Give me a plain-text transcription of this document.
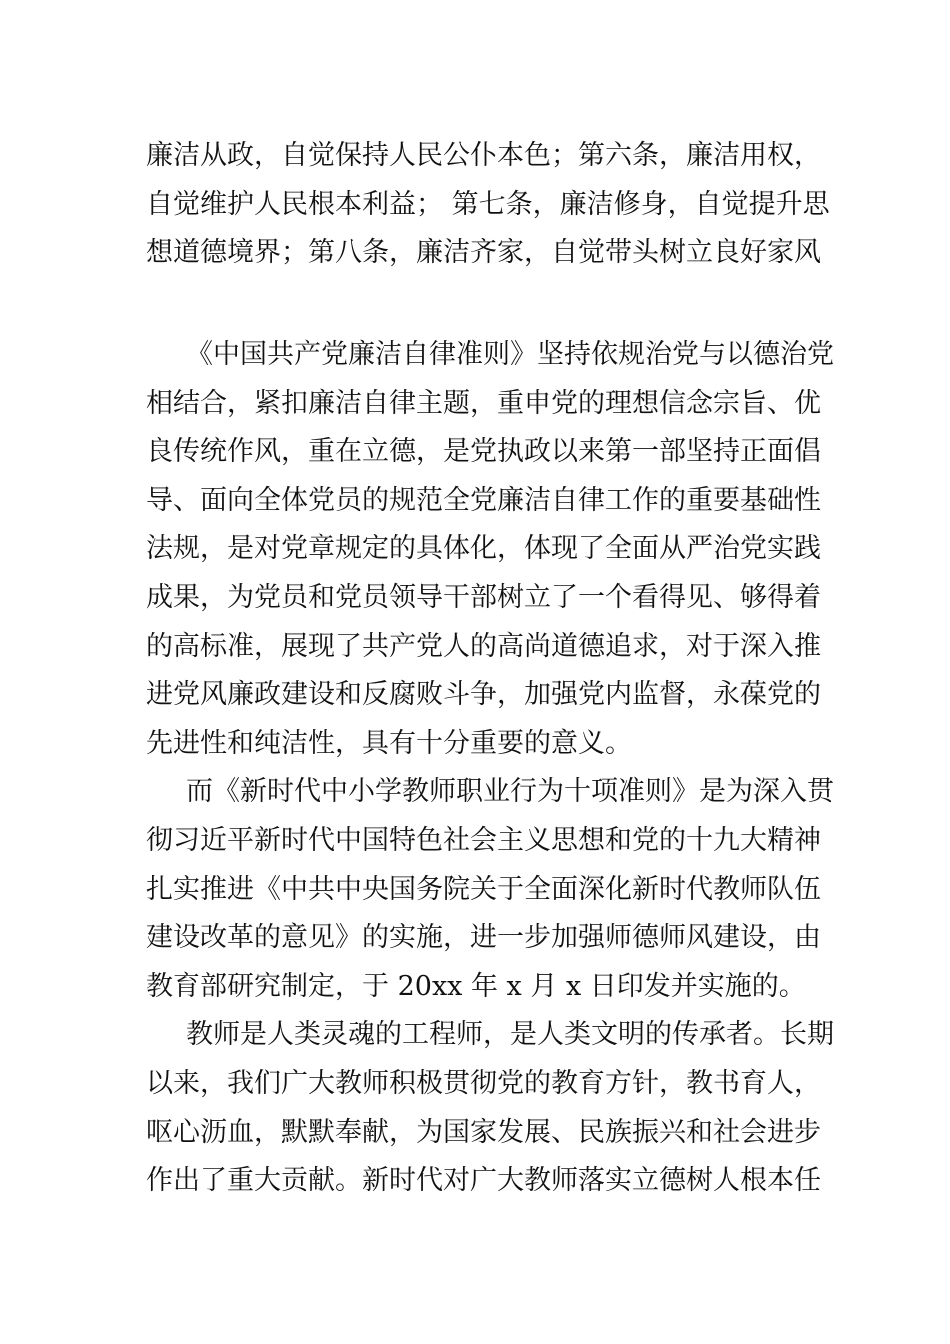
廉洁从政，自觉保持人民公仆本色；第六条，廉洁用权，
自觉维护人民根本利益； 第七条，廉洁修身，自觉提升思
想道德境界；第八条，廉洁齐家，自觉带头树立良好家风
《中国共产党廉洁自律准则》坚持依规治党与以德治党
相结合，紧扣廉洁自律主题，重申党的理想信念宗旨、优
良传统作风，重在立德，是党执政以来第一部坚持正面倡
导、面向全体党员的规范全党廉洁自律工作的重要基础性
法规，是对党章规定的具体化，体现了全面从严治党实践
成果，为党员和党员领导干部树立了一个看得见、够得着
的高标准，展现了共产党人的高尚道德追求，对于深入推
进党风廉政建设和反腐败斗争，加强党内监督，永葆党的
先进性和纯洁性，具有十分重要的意义。
而《新时代中小学教师职业行为十项准则》是为深入贯
彻习近平新时代中国特色社会主义思想和党的十九大精神
扎实推进《中共中央国务院关于全面深化新时代教师队伍
建设改革的意见》的实施，进一步加强师德师风建设，由
教育部研究制定，于 20xx 年 x 月 x 日印发并实施的。
教师是人类灵魂的工程师，是人类文明的传承者。长期
以来，我们广大教师积极贯彻党的教育方针，教书育人，
呕心沥血，默默奉献，为国家发展、民族振兴和社会进步
作出了重大贡献。新时代对广大教师落实立德树人根本任
